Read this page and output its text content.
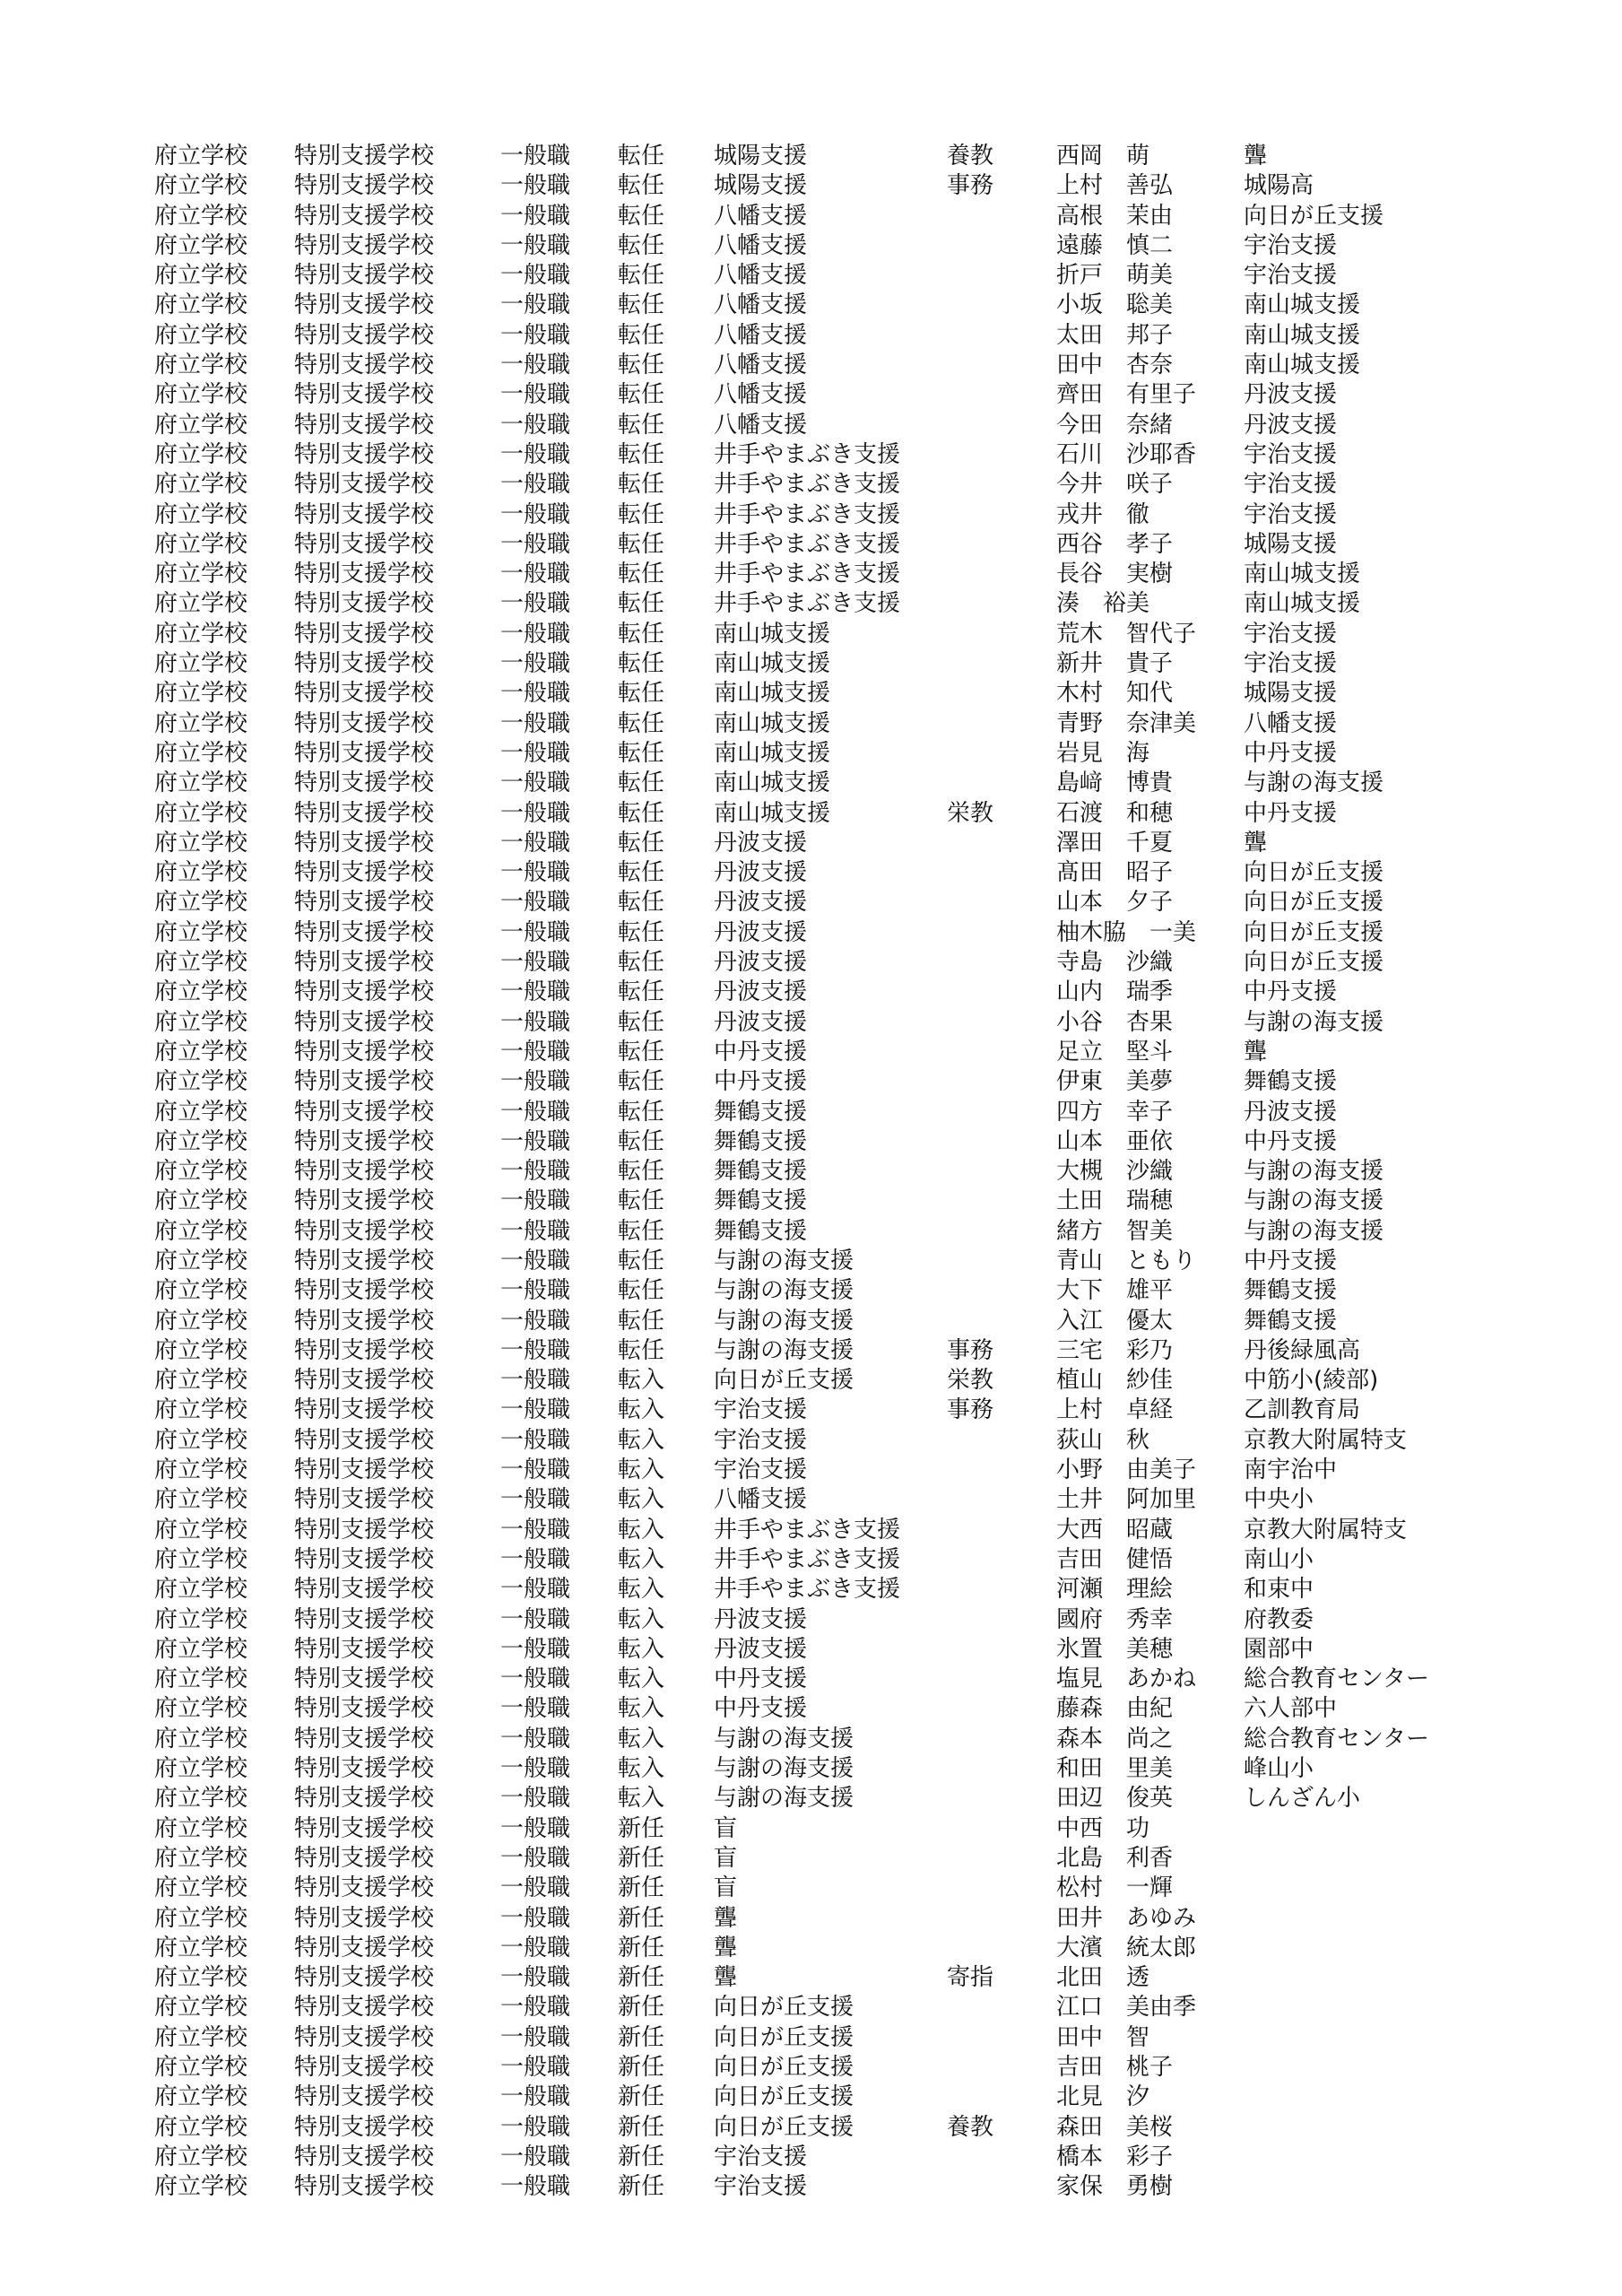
府立学校 特別支援学校	一般職 転任 城陽支援	養教	西岡　萌	聾
府立学校 特別支援学校	一般職 転任 城陽支援	事務	上村　善弘	城陽高
府立学校 特別支援学校	一般職 転任 八幡支援	高根　茉由	向日が丘支援
府立学校 特別支援学校	一般職 転任 八幡支援	遠藤　慎二	宇治支援
府立学校 特別支援学校	一般職 転任 八幡支援	折戸　萌美	宇治支援
府立学校 特別支援学校	一般職 転任 八幡支援	小坂　聡美	南山城支援
府立学校 特別支援学校	一般職 転任 八幡支援	太田　邦子	南山城支援
府立学校 特別支援学校	一般職 転任 八幡支援	田中　杏奈	南山城支援
府立学校 特別支援学校	一般職 転任 八幡支援	齊田　有里子 丹波支援
府立学校 特別支援学校	一般職 転任 八幡支援	今田　奈緒	丹波支援
府立学校 特別支援学校	一般職 転任 井手やまぶき支援	石川　沙耶香 宇治支援
府立学校 特別支援学校	一般職 転任 井手やまぶき支援	今井　咲子	宇治支援
府立学校 特別支援学校	一般職 転任 井手やまぶき支援	戎井　徹	宇治支援
府立学校 特別支援学校	一般職 転任 井手やまぶき支援	西谷　孝子	城陽支援
府立学校 特別支援学校	一般職 転任 井手やまぶき支援	長谷　実樹	南山城支援
府立学校 特別支援学校	一般職 転任 井手やまぶき支援	湊　裕美	南山城支援
府立学校 特別支援学校	一般職 転任 南山城支援	荒木　智代子 宇治支援
府立学校 特別支援学校	一般職 転任 南山城支援	新井　貴子	宇治支援
府立学校 特別支援学校	一般職 転任 南山城支援	木村　知代	城陽支援
府立学校 特別支援学校	一般職 転任 南山城支援	青野　奈津美 八幡支援
府立学校 特別支援学校	一般職 転任 南山城支援	岩見　海	中丹支援
府立学校 特別支援学校	一般職 転任 南山城支援	島﨑　博貴	与謝の海支援
府立学校 特別支援学校	一般職 転任 南山城支援	栄教	石渡　和穂	中丹支援
府立学校 特別支援学校	一般職 転任 丹波支援	澤田　千夏	聾
府立学校 特別支援学校	一般職 転任 丹波支援	髙田　昭子	向日が丘支援
府立学校 特別支援学校	一般職 転任 丹波支援	山本　夕子	向日が丘支援
府立学校 特別支援学校	一般職 転任 丹波支援	柚木脇　一美 向日が丘支援
府立学校 特別支援学校	一般職 転任 丹波支援	寺島　沙織	向日が丘支援
府立学校 特別支援学校	一般職 転任 丹波支援	山内　瑞季	中丹支援
府立学校 特別支援学校	一般職 転任 丹波支援	小谷　杏果	与謝の海支援
府立学校 特別支援学校	一般職 転任 中丹支援	足立　堅斗	聾
府立学校 特別支援学校	一般職 転任 中丹支援	伊東　美夢	舞鶴支援
府立学校 特別支援学校	一般職 転任 舞鶴支援	四方　幸子	丹波支援
府立学校 特別支援学校	一般職 転任 舞鶴支援	山本　亜依	中丹支援
府立学校 特別支援学校	一般職 転任 舞鶴支援	大槻　沙織	与謝の海支援
府立学校 特別支援学校	一般職 転任 舞鶴支援	土田　瑞穂	与謝の海支援
府立学校 特別支援学校	一般職 転任 舞鶴支援	緒方　智美	与謝の海支援
府立学校 特別支援学校	一般職 転任 与謝の海支援	青山　ともり 中丹支援
府立学校 特別支援学校	一般職 転任 与謝の海支援	大下　雄平	舞鶴支援
府立学校 特別支援学校	一般職 転任 与謝の海支援	入江　優太	舞鶴支援
府立学校 特別支援学校	一般職 転任 与謝の海支援	事務	三宅　彩乃	丹後緑風高
府立学校 特別支援学校	一般職 転入 向日が丘支援	栄教	植山　紗佳	中筋小(綾部)
府立学校 特別支援学校	一般職 転入 宇治支援	事務	上村　卓経	乙訓教育局
府立学校 特別支援学校	一般職 転入 宇治支援	荻山　秋	京教大附属特支
府立学校 特別支援学校	一般職 転入 宇治支援	小野　由美子 南宇治中
府立学校 特別支援学校	一般職 転入 八幡支援	土井　阿加里 中央小
府立学校 特別支援学校	一般職 転入 井手やまぶき支援	大西　昭蔵	京教大附属特支
府立学校 特別支援学校	一般職 転入 井手やまぶき支援	吉田　健悟	南山小
府立学校 特別支援学校	一般職 転入 井手やまぶき支援	河瀬　理絵	和束中
府立学校 特別支援学校	一般職 転入 丹波支援	國府　秀幸	府教委
府立学校 特別支援学校	一般職 転入 丹波支援	氷置　美穂	園部中
府立学校 特別支援学校	一般職 転入 中丹支援	塩見　あかね 総合教育センター
府立学校 特別支援学校	一般職 転入 中丹支援	藤森　由紀	六人部中
府立学校 特別支援学校	一般職 転入 与謝の海支援	森本　尚之	総合教育センター
府立学校 特別支援学校	一般職 転入 与謝の海支援	和田　里美	峰山小
府立学校 特別支援学校	一般職 転入 与謝の海支援	田辺　俊英	しんざん小
府立学校 特別支援学校	一般職 新任 盲	中西　功
府立学校 特別支援学校	一般職 新任 盲	北島　利香
府立学校 特別支援学校	一般職 新任 盲	松村　一輝
府立学校 特別支援学校	一般職 新任 聾	田井　あゆみ
府立学校 特別支援学校	一般職 新任 聾	大濱　統太郎
府立学校 特別支援学校	一般職 新任 聾	寄指	北田　透
府立学校 特別支援学校	一般職 新任 向日が丘支援	江口　美由季
府立学校 特別支援学校	一般職 新任 向日が丘支援	田中　智
府立学校 特別支援学校	一般職 新任 向日が丘支援	吉田　桃子
府立学校 特別支援学校	一般職 新任 向日が丘支援	北見　汐
府立学校 特別支援学校	一般職 新任 向日が丘支援	養教	森田　美桜
府立学校 特別支援学校	一般職 新任 宇治支援	橋本　彩子
府立学校 特別支援学校	一般職 新任 宇治支援	家保　勇樹
